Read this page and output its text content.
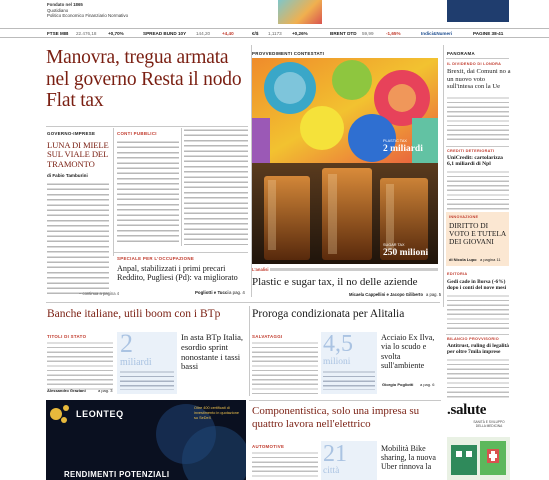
Fondato nel 1865
Quotidiano
Politico Economico Finanziario Normativo
FTSE MIB 22.476,18	+0,70%	SPREAD BUND 10Y 144,20	+4,40	€/$ 1,1173 +0,26%	BRENT DTD 59,99	-1,65%	Indici&Numeri	PAGINE 38-41
Manovra, tregua armata nel governo Resta il nodo Flat tax
GOVERNO-IMPRESE
LUNA DI MIELE SUL VIALE DEL TRAMONTO
di Fabio Tamburini
CONTI PUBBLICI
SPECIALE PER L'OCCUPAZIONE
Anpal, stabilizzati i primi precari Reddito, Pugliesi (Pd): va migliorato
Pogliotti e Tucci a pag. 4
– continua a pagina 4
PROVVEDIMENTI CONTESTATI
PLASTIC TAX
2 miliardi
SUGAR TAX
250 milioni
L'analisi
Plastic e sugar tax, il no delle aziende
Micaela Cappellini e Jacopo Giliberto a pag. 5
PANORAMA
IL DIVIDENDO DI LONDRA
Brexit, dai Comuni no a un nuovo voto sull'intesa con la Ue
CREDITI DETERIORATI
UniCredit: cartolarizza 6,1 miliardi di Npl
INNOVAZIONE
DIRITTO DI VOTO E TUTELA DEI GIOVANI
di Nicola Lupo a pagina 11
EDITORIA
Gedi cade in Borsa (-6%) dopo i conti del nove mesi
BILANCIO PROVVISORIO
Antitrust, ruling di legalità per oltre 7mila imprese
.salute
SANITÀ E SVILUPPO DELLA MEDICINA
Banche italiane, utili boom con i BTp
TITOLI DI STATO
Alessandro Graziani	a pag. 3
2
miliardi
In asta BTp Italia, esordio sprint nonostante i tassi bassi
Proroga condizionata per Alitalia
SALVATAGGI 4,5
milioni
Acciaio Ex Ilva, via lo scudo e svolta sull'ambiente
Giorgio Pogliotti a pag. 6
LEONTEQ
Oltre 400 certificati di investimento in quotazione su SeDeX
RENDIMENTI POTENZIALI
Componentistica, solo una impresa su quattro lavora nell'elettrico
AUTOMOTIVE 21
città
Mobilità Bike sharing, la nuova Uber rinnova la
